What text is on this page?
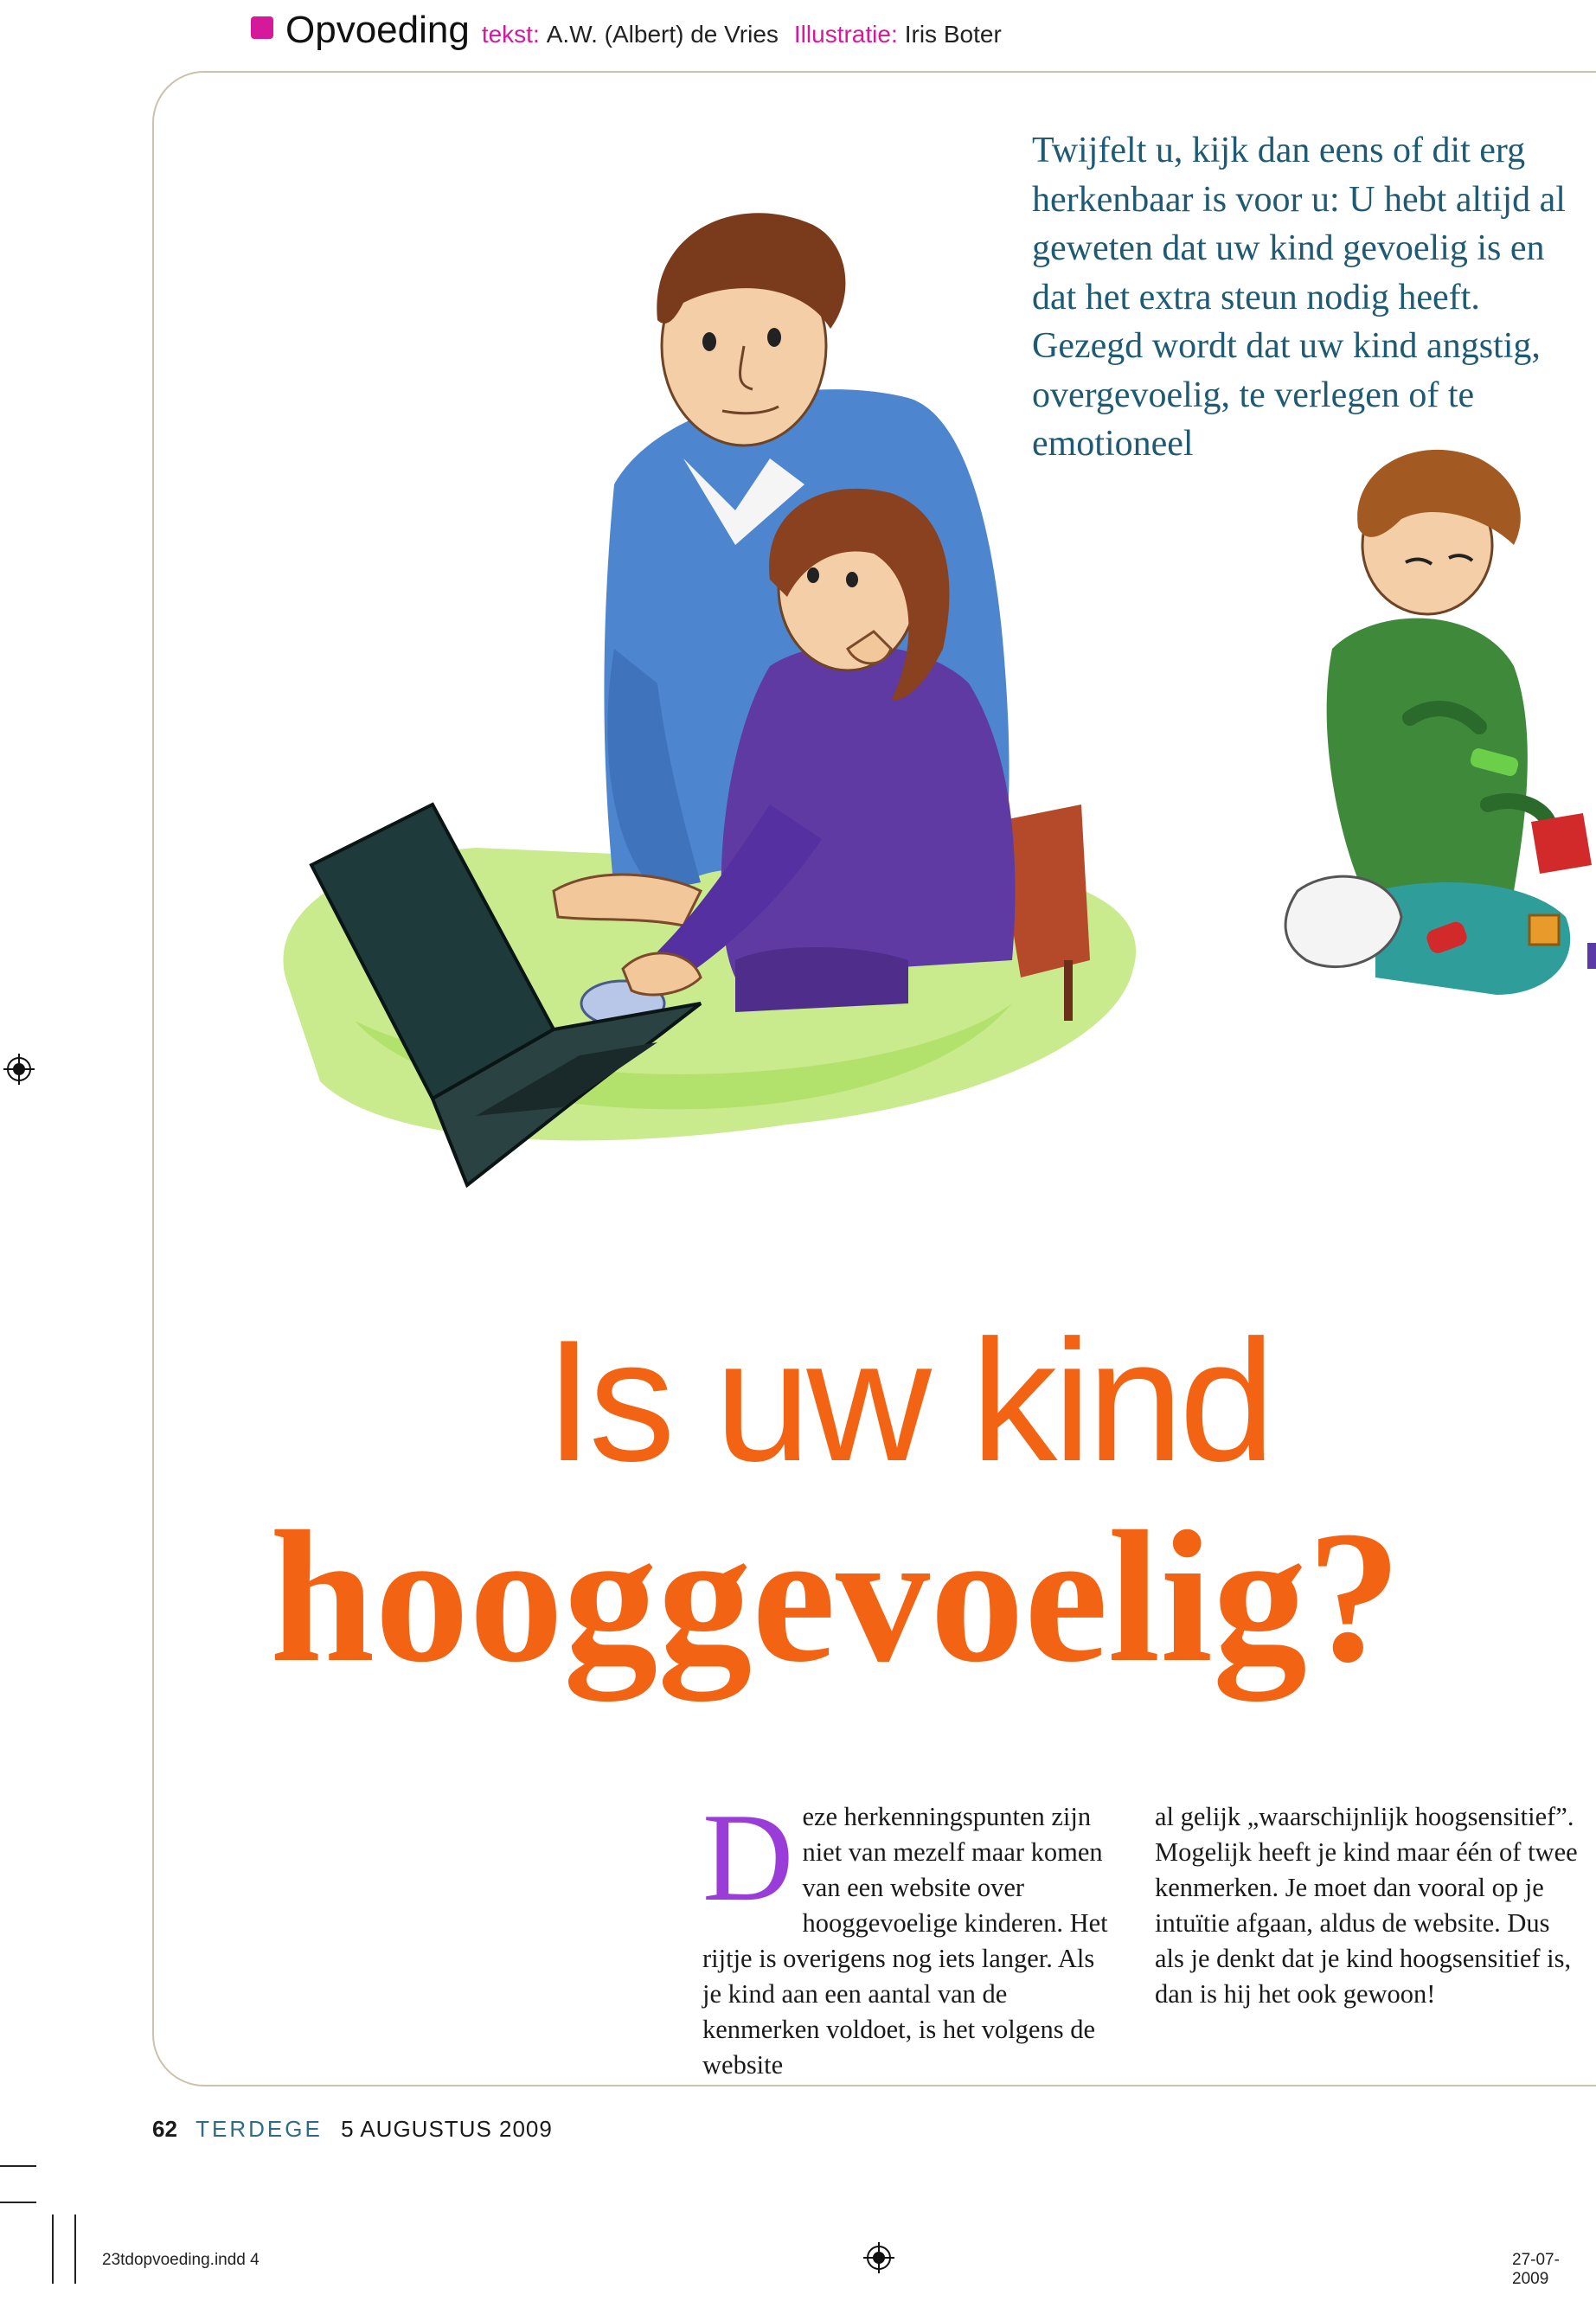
Opvoeding tekst: A.W. (Albert) de Vries Illustratie: Iris Boter
Twijfelt u, kijk dan eens of dit erg herkenbaar is voor u: U hebt altijd al geweten dat uw kind gevoelig is en dat het extra steun nodig heeft. Gezegd wordt dat uw kind angstig, overgevoelig, te verlegen of te emotioneel
Is uw kind
hooggevoelig?
D eze herkenningspunten zijn niet van mezelf maar komen van een website over hooggevoelige kinderen. Het rijtje is overigens nog iets langer. Als je kind aan een aantal van de kenmerken voldoet, is het volgens de website
al gelijk „waarschijnlijk hoogsensitief”. Mogelijk heeft je kind maar één of twee kenmerken. Je moet dan vooral op je intuïtie afgaan, aldus de website. Dus als je denkt dat je kind hoogsensitief is, dan is hij het ook gewoon!
62 TERDEGE 5 AUGUSTUS 2009
23tdopvoeding.indd 4	27-07-2009
